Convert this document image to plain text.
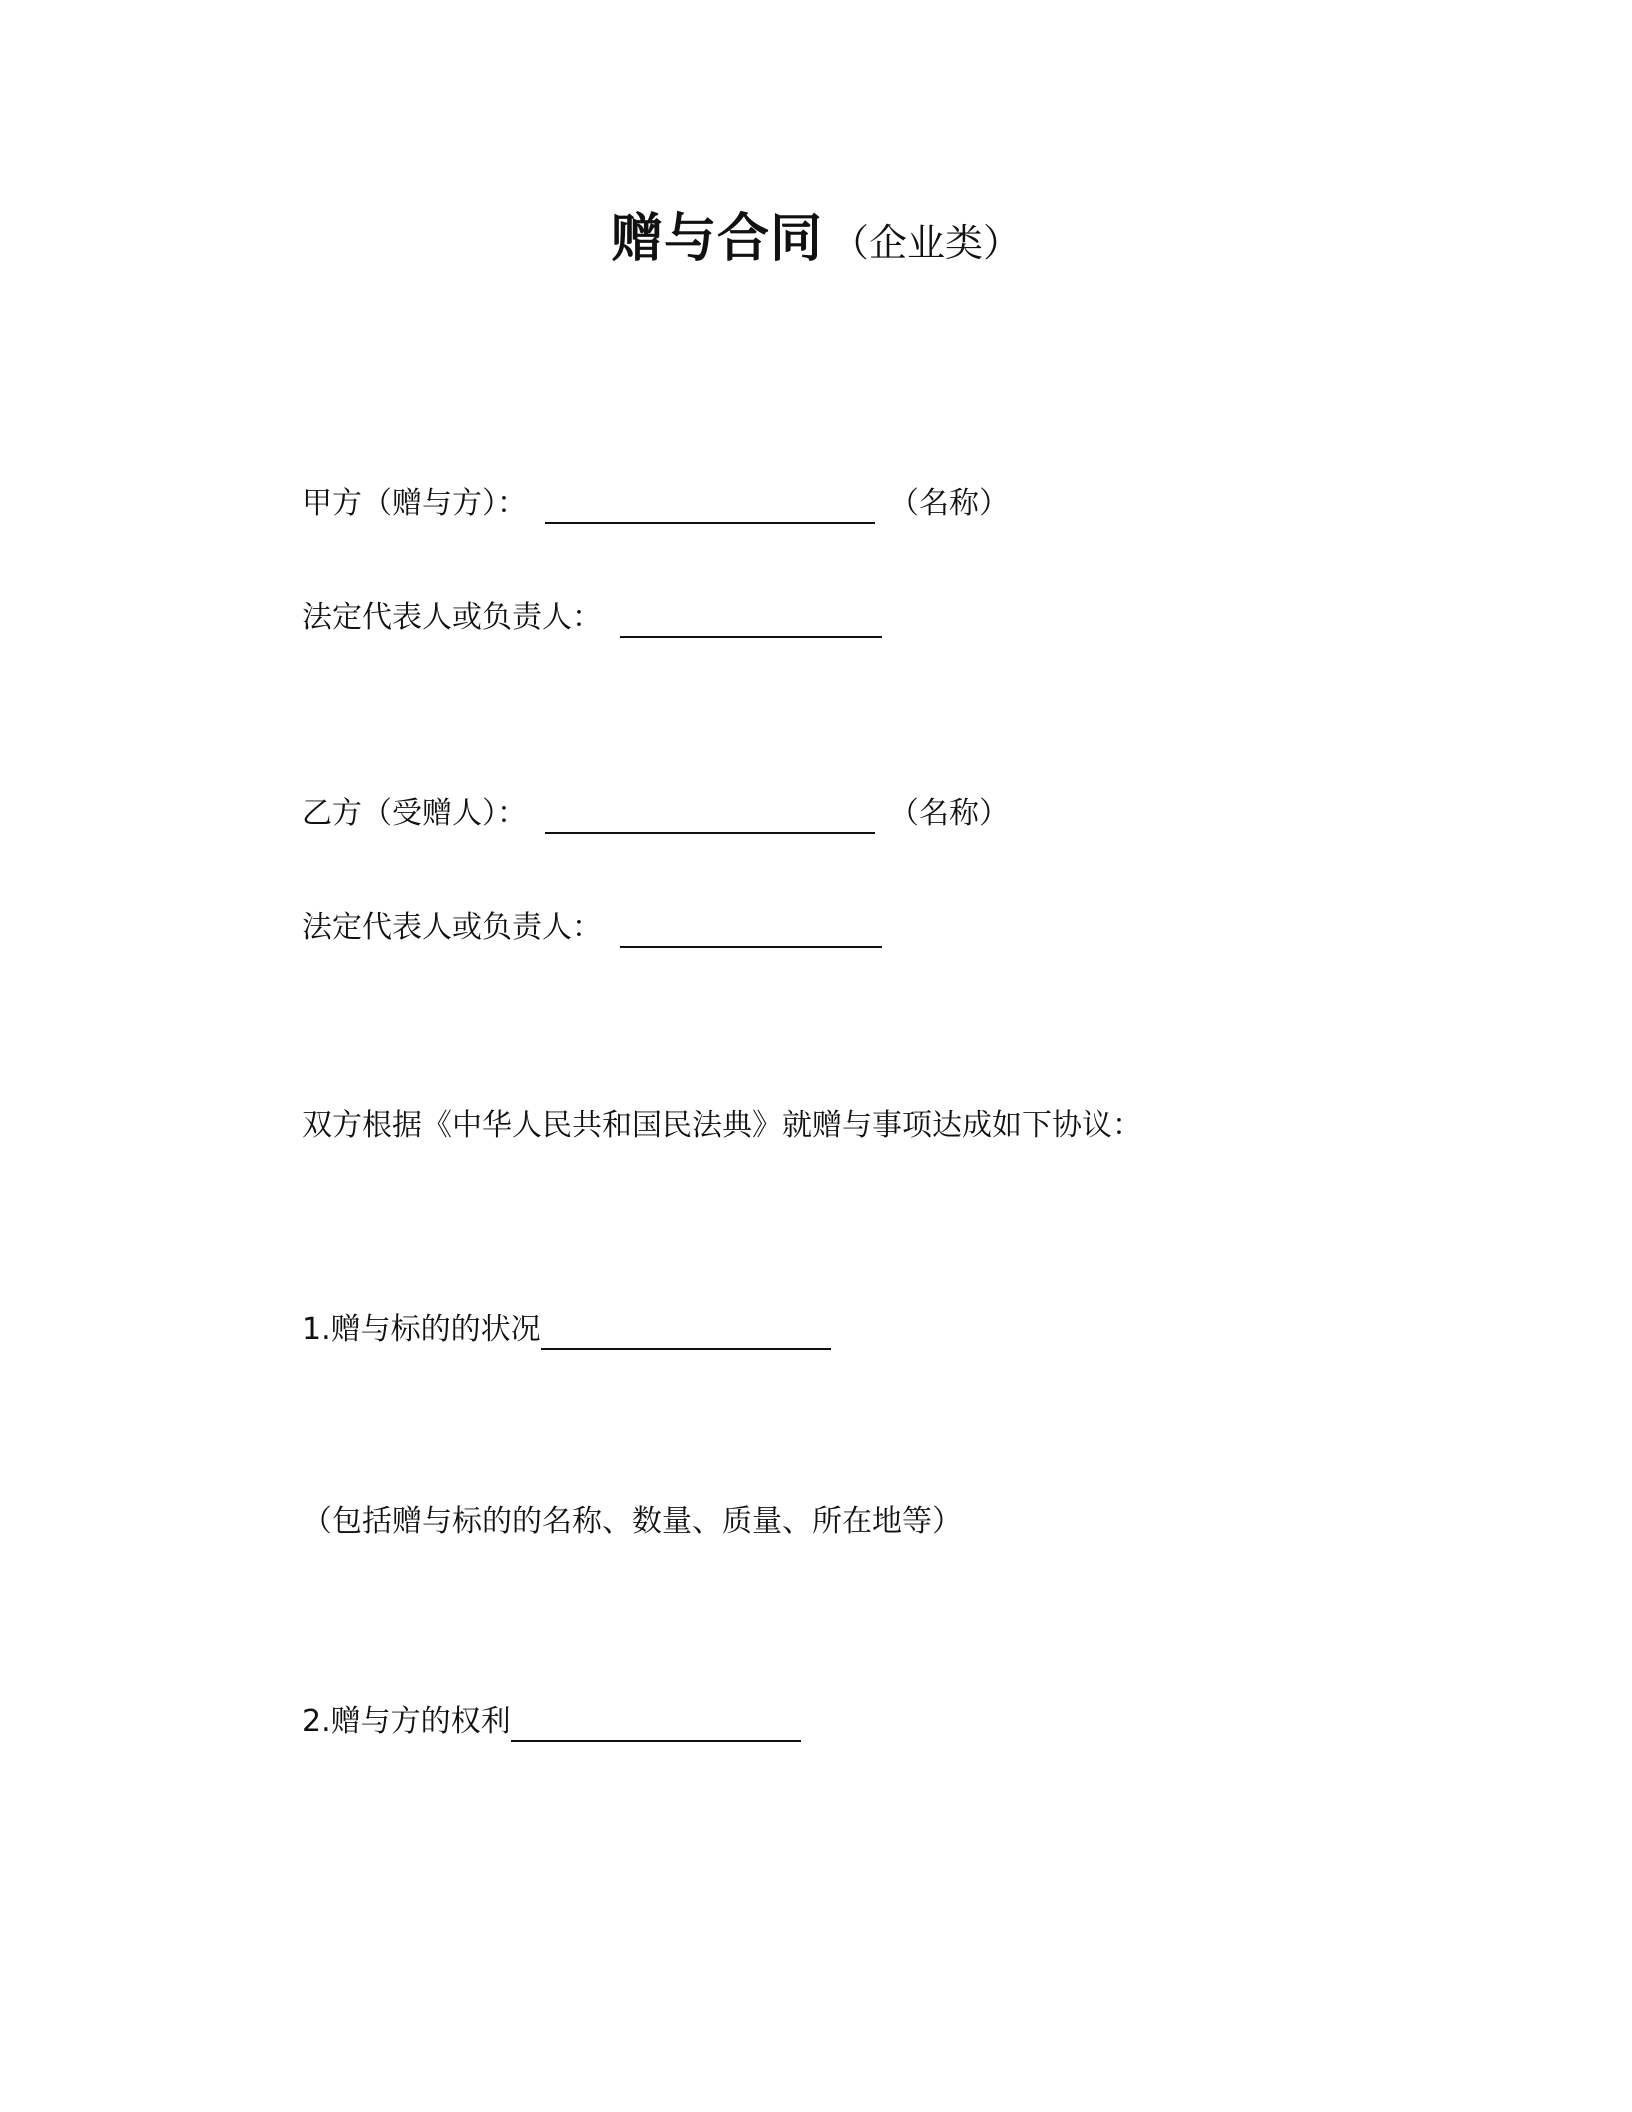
赠与合同 （企业类）
甲方（赠与方）：	（名称）
法定代表人或负责人：
乙方（受赠人）：	（名称）
法定代表人或负责人：
双方根据《中华人民共和国民法典》就赠与事项达成如下协议：
1.赠与标的的状况
（包括赠与标的的名称、数量、质量、所在地等）
2.赠与方的权利
